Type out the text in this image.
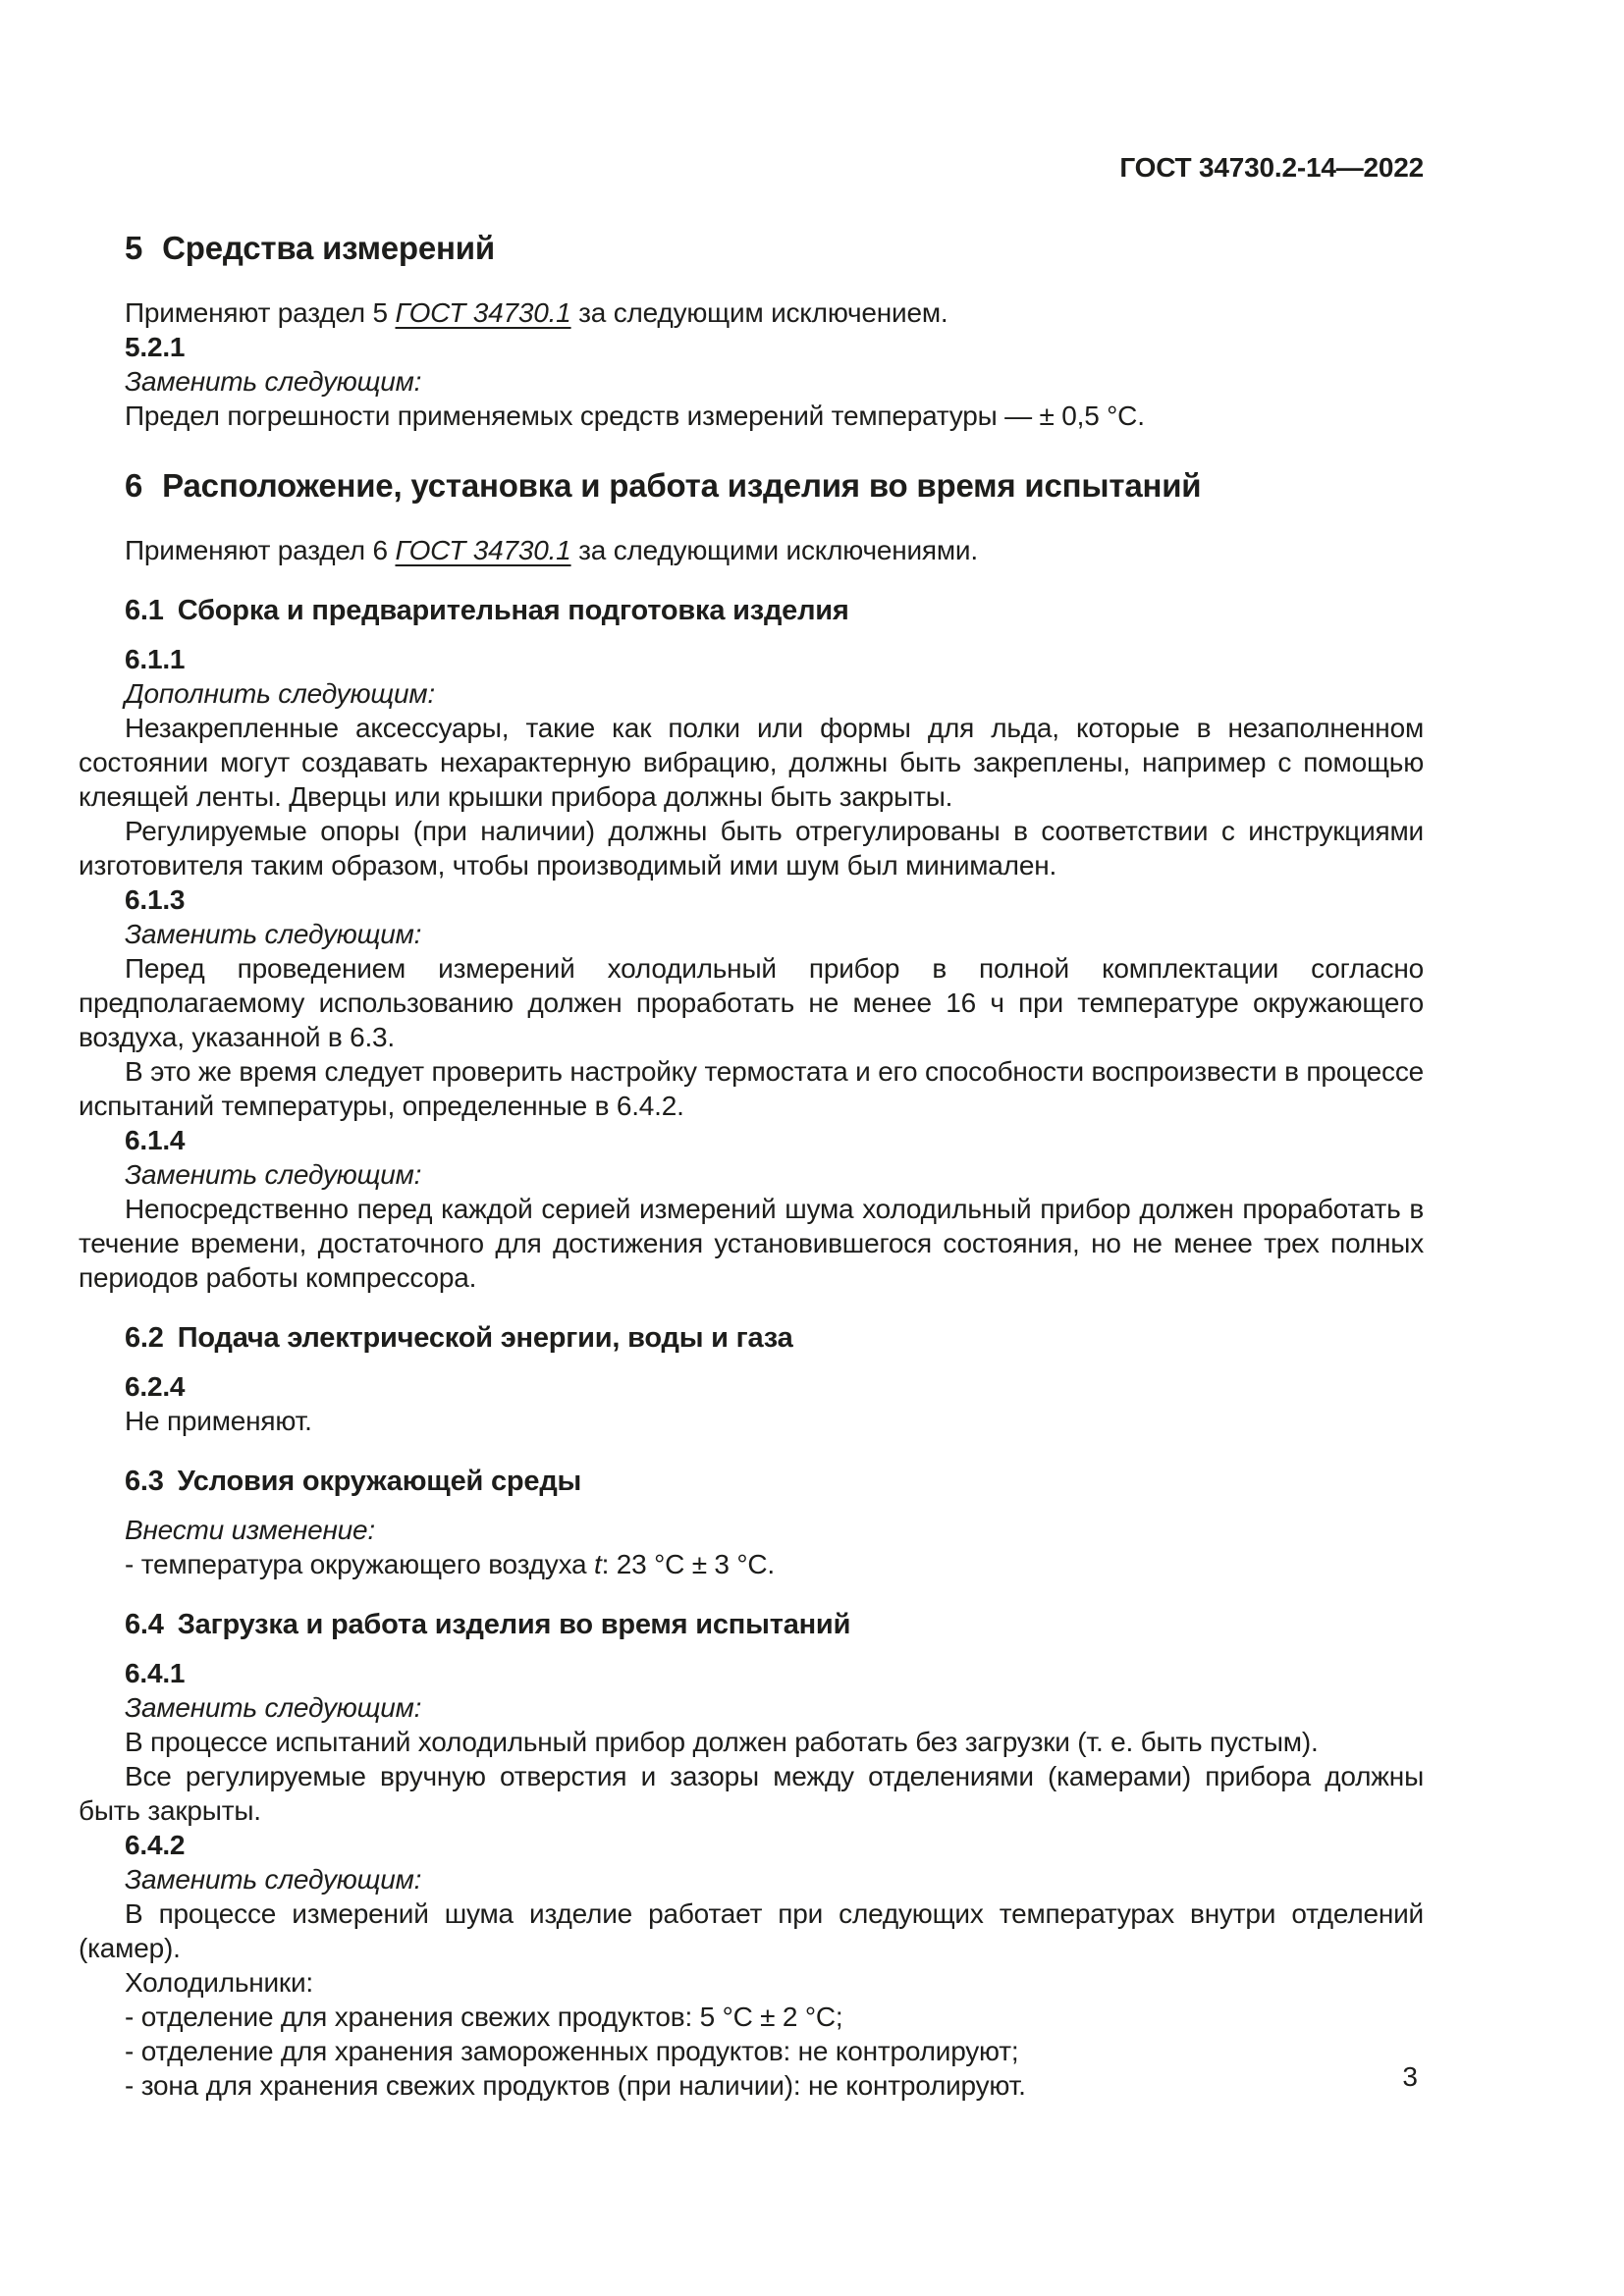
ГОСТ 34730.2-14—2022
5 Средства измерений
Применяют раздел 5 ГОСТ 34730.1 за следующим исключением.
5.2.1
Заменить следующим:
Предел погрешности применяемых средств измерений температуры — ± 0,5 °С.
6 Расположение, установка и работа изделия во время испытаний
Применяют раздел 6 ГОСТ 34730.1 за следующими исключениями.
6.1 Сборка и предварительная подготовка изделия
6.1.1
Дополнить следующим:
Незакрепленные аксессуары, такие как полки или формы для льда, которые в незаполненном состоянии могут создавать нехарактерную вибрацию, должны быть закреплены, например с помощью клеящей ленты. Дверцы или крышки прибора должны быть закрыты.
Регулируемые опоры (при наличии) должны быть отрегулированы в соответствии с инструкциями изготовителя таким образом, чтобы производимый ими шум был минимален.
6.1.3
Заменить следующим:
Перед проведением измерений холодильный прибор в полной комплектации согласно предполагаемому использованию должен проработать не менее 16 ч при температуре окружающего воздуха, указанной в 6.3.
В это же время следует проверить настройку термостата и его способности воспроизвести в процессе испытаний температуры, определенные в 6.4.2.
6.1.4
Заменить следующим:
Непосредственно перед каждой серией измерений шума холодильный прибор должен проработать в течение времени, достаточного для достижения установившегося состояния, но не менее трех полных периодов работы компрессора.
6.2 Подача электрической энергии, воды и газа
6.2.4
Не применяют.
6.3 Условия окружающей среды
Внести изменение:
- температура окружающего воздуха t: 23 °С ± 3 °С.
6.4 Загрузка и работа изделия во время испытаний
6.4.1
Заменить следующим:
В процессе испытаний холодильный прибор должен работать без загрузки (т. е. быть пустым).
Все регулируемые вручную отверстия и зазоры между отделениями (камерами) прибора должны быть закрыты.
6.4.2
Заменить следующим:
В процессе измерений шума изделие работает при следующих температурах внутри отделений (камер).
Холодильники:
- отделение для хранения свежих продуктов: 5 °С ± 2 °С;
- отделение для хранения замороженных продуктов: не контролируют;
- зона для хранения свежих продуктов (при наличии): не контролируют.	3
